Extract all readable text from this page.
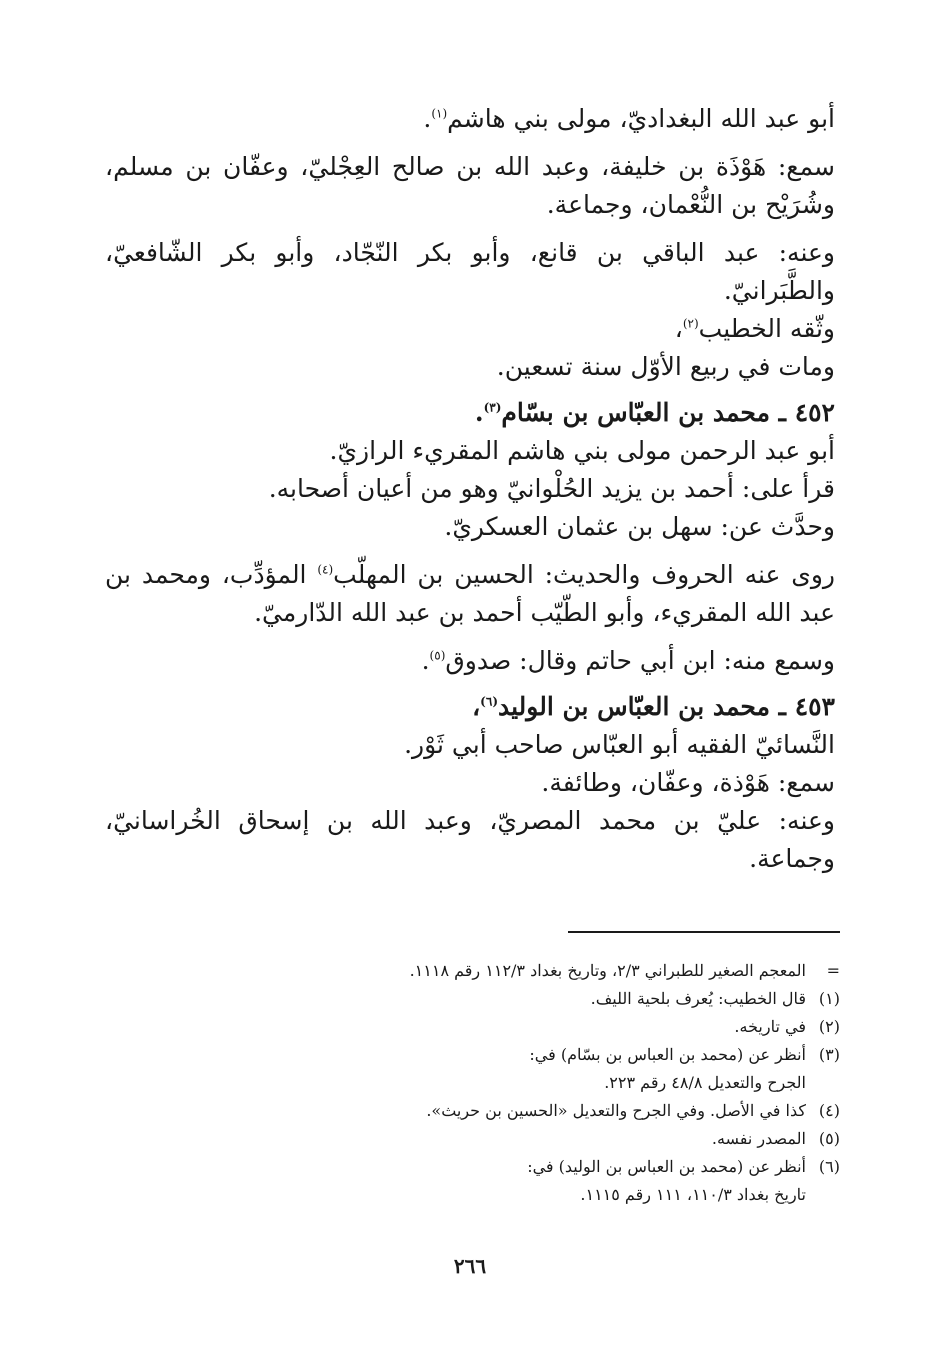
أبو عبد الله البغداديّ، مولى بني هاشم$^{(١)}$.

سمع: هَوْذَة بن خليفة، وعبد الله بن صالح العِجْليّ، وعفّان بن مسلم، وشُرَيْح بن النُّعْمان، وجماعة.

وعنه: عبد الباقي بن قانع، وأبو بكر النّجّاد، وأبو بكر الشّافعيّ، والطَّبَرانيّ.

وثّقه الخطيب$^{(٢)}$،

ومات في ربيع الأوّل سنة تسعين.

٤٥٢ ـ محمد بن العبّاس بن بسّام$^{(٣)}$.

أبو عبد الرحمن مولى بني هاشم المقريء الرازيّ.

قرأ على: أحمد بن يزيد الحُلْوانيّ وهو من أعيان أصحابه.

وحدَّث عن: سهل بن عثمان العسكريّ.

روى عنه الحروف والحديث: الحسين بن المهلّب$^{(٤)}$ المؤدِّب، ومحمد بن عبد الله المقريء، وأبو الطّيّب أحمد بن عبد الله الدّارميّ.

وسمع منه: ابن أبي حاتم وقال: صدوق$^{(٥)}$.

٤٥٣ ـ محمد بن العبّاس بن الوليد$^{(٦)}$،

النَّسائيّ الفقيه أبو العبّاس صاحب أبي ثَوْر.

سمع: هَوْذة، وعفّان، وطائفة.

وعنه: عليّ بن محمد المصريّ، وعبد الله بن إسحاق الخُراسانيّ، وجماعة.

=
المعجم الصغير للطبراني ٢/٣، وتاريخ بغداد ١١٢/٣ رقم ١١١٨.
(١)
قال الخطيب: يُعرف بلحية الليف.
(٢)
في تاريخه.
(٣)
أنظر عن (محمد بن العباس بن بسّام) في:
الجرح والتعديل ٤٨/٨ رقم ٢٢٣.
(٤)
كذا في الأصل. وفي الجرح والتعديل «الحسين بن حريث».
(٥)
المصدر نفسه.
(٦)
أنظر عن (محمد بن العباس بن الوليد) في:
تاريخ بغداد ١١٠/٣، ١١١ رقم ١١١٥.
٢٦٦
